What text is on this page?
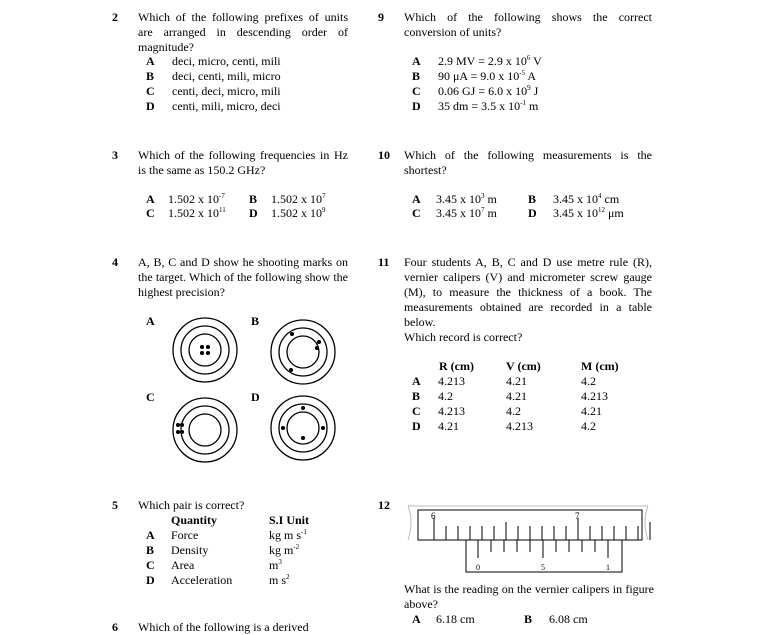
2 Which of the following prefixes of units are arranged in descending order of magnitude?
A deci, micro, centi, mili
B deci, centi, mili, micro
C centi, deci, micro, mili
D centi, mili, micro, deci
3 Which of the following frequencies in Hz is the same as 150.2 GHz?
A 1.502 x $10^{-7}$ B 1.502 x $10^7$
C 1.502 x $10^{11}$ D 1.502 x $10^9$
4 A, B, C and D show he shooting marks on the target. Which of the following show the highest precision?
A	B
C	D
5 Which pair is correct?
Quantity	S.I Unit
A Force	kg m $s^{-1}$
B Density	kg $m^{-2}$
C Area	$m^3$
D Acceleration	m $s^2$
6 Which of the following is a derived
9 Which of the following shows the correct conversion of units?
A 2.9 MV = 2.9 x $10^6$ V
B 90 μA = 9.0 x $10^{-5}$ A
C 0.06 GJ = 6.0 x $10^9$ J
D 35 dm = 3.5 x $10^{-1}$ m
10 Which of the following measurements is the shortest?
A 3.45 x $10^3$ m	B 3.45 x $10^4$ cm
C 3.45 x $10^7$ m	D 3.45 x $10^{12}$ μm
11 Four students A, B, C and D use metre rule (R), vernier calipers (V) and micrometer screw gauge (M), to measure the thickness of a book. The measurements obtained are recorded in a table below.
Which record is correct?
R (cm)	V (cm)	M (cm)
A 4.213	4.21	4.2
B 4.2	4.21	4.213
C 4.213	4.2	4.21
D 4.21	4.213	4.2
12
6	7
0	5	1
What is the reading on the vernier calipers in figure above?
A 6.18 cm	B 6.08 cm
